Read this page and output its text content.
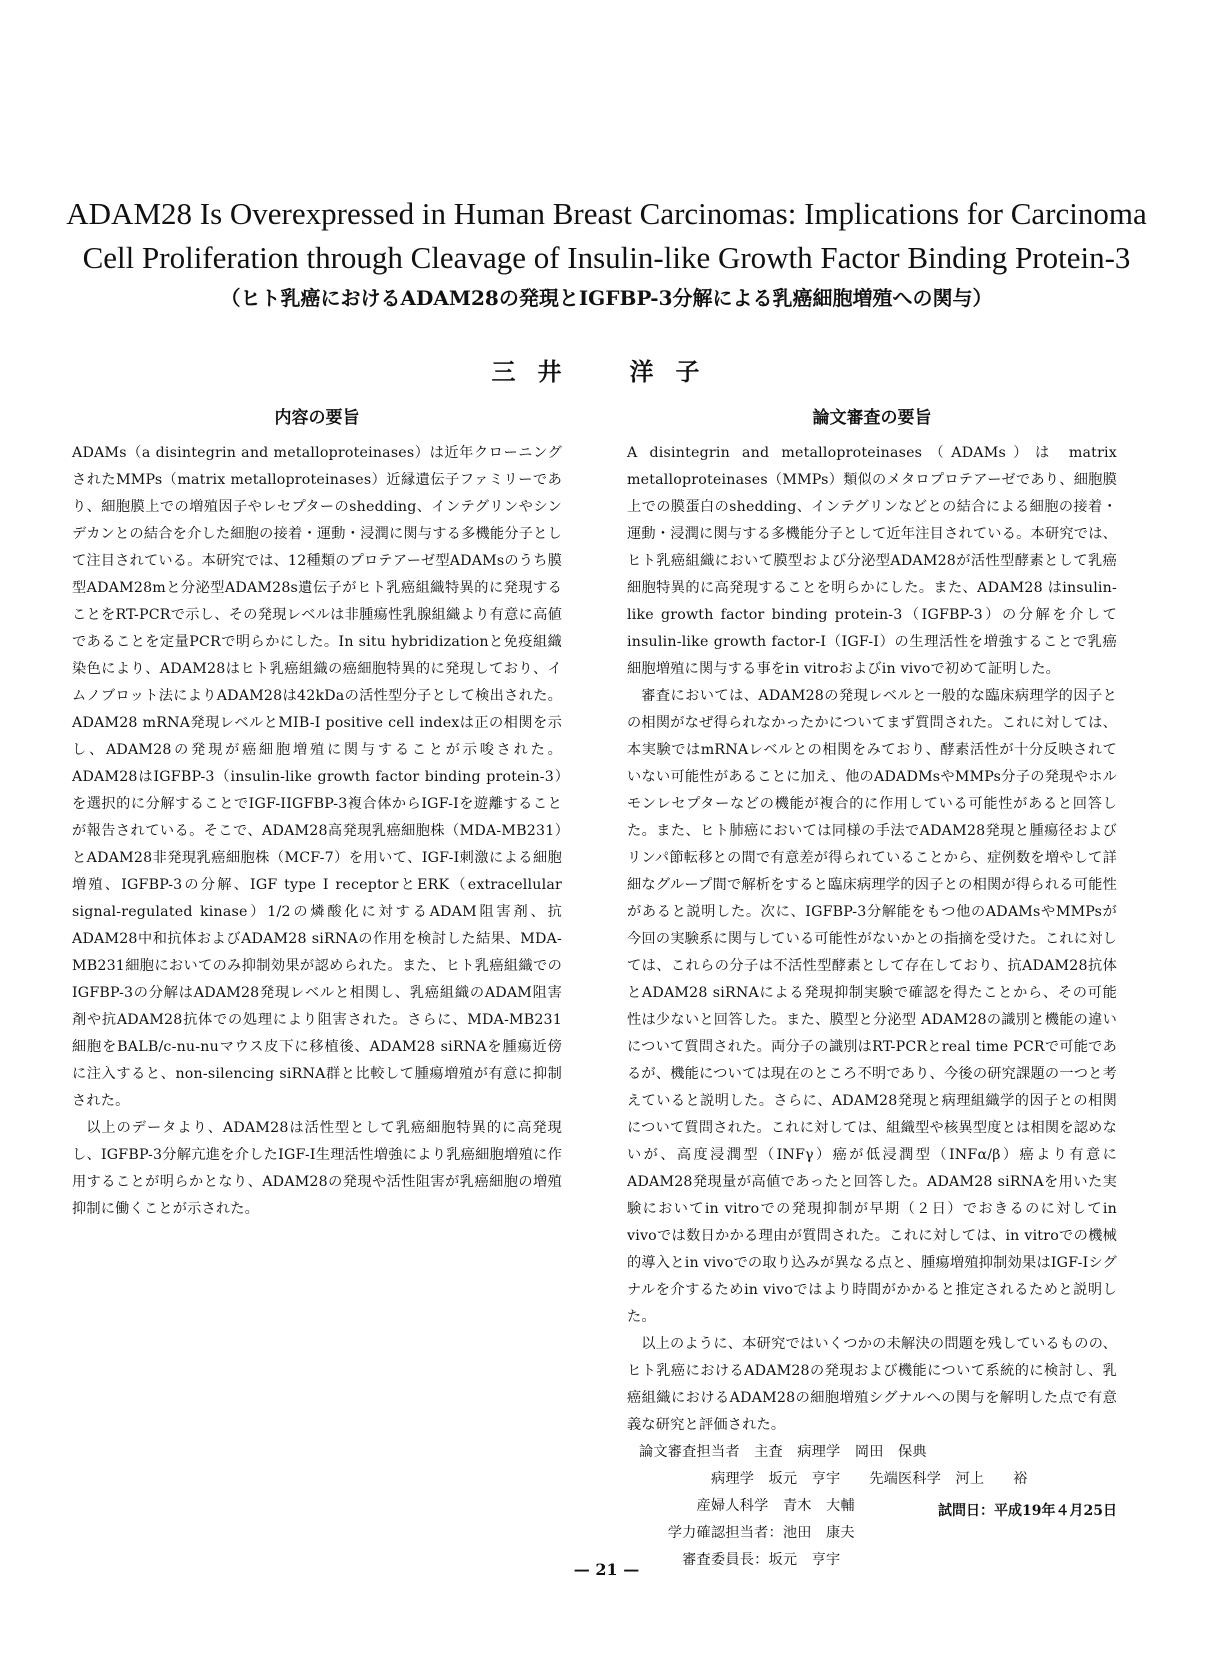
ADAM28 Is Overexpressed in Human Breast Carcinomas: Implications for Carcinoma
Cell Proliferation through Cleavage of Insulin-like Growth Factor Binding Protein-3
（ヒト乳癌におけるADAM28の発現とIGFBP-3分解による乳癌細胞増殖への関与）
三井　洋子
内容の要旨	論文審査の要旨

ADAMs（a disintegrin and metalloproteinases）は近年クローニングされたMMPs（matrix metalloproteinases）近縁遺伝子ファミリーであり、細胞膜上での増殖因子やレセプターのshedding、インテグリンやシンデカンとの結合を介した細胞の接着・運動・浸潤に関与する多機能分子として注目されている。本研究では、12種類のプロテアーゼ型ADAMsのうち膜型ADAM28mと分泌型ADAM28s遺伝子がヒト乳癌組織特異的に発現することをRT-PCRで示し、その発現レベルは非腫瘍性乳腺組織より有意に高値であることを定量PCRで明らかにした。In situ hybridizationと免疫組織染色により、ADAM28はヒト乳癌組織の癌細胞特異的に発現しており、イムノブロット法によりADAM28は42kDaの活性型分子として検出された。ADAM28 mRNA発現レベルとMIB-I positive cell indexは正の相関を示し、ADAM28の発現が癌細胞増殖に関与することが示唆された。ADAM28はIGFBP-3（insulin-like growth factor binding protein-3）を選択的に分解することでIGF-IIGFBP-3複合体からIGF-Iを遊離することが報告されている。そこで、ADAM28高発現乳癌細胞株（MDA-MB231）とADAM28非発現乳癌細胞株（MCF-7）を用いて、IGF-I刺激による細胞増殖、IGFBP-3の分解、IGF type I receptorとERK（extracellular signal-regulated kinase）1/2の燐酸化に対するADAM阻害剤、抗ADAM28中和抗体およびADAM28 siRNAの作用を検討した結果、MDA-MB231細胞においてのみ抑制効果が認められた。また、ヒト乳癌組織でのIGFBP-3の分解はADAM28発現レベルと相関し、乳癌組織のADAM阻害剤や抗ADAM28抗体での処理により阻害された。さらに、MDA-MB231細胞をBALB/c-nu-nuマウス皮下に移植後、ADAM28 siRNAを腫瘍近傍に注入すると、non-silencing siRNA群と比較して腫瘍増殖が有意に抑制された。

以上のデータより、ADAM28は活性型として乳癌細胞特異的に高発現し、IGFBP-3分解亢進を介したIGF-I生理活性増強により乳癌細胞増殖に作用することが明らかとなり、ADAM28の発現や活性阻害が乳癌細胞の増殖抑制に働くことが示された。

A disintegrin and metalloproteinases（ADAMs）は matrix metalloproteinases（MMPs）類似のメタロプロテアーゼであり、細胞膜上での膜蛋白のshedding、インテグリンなどとの結合による細胞の接着・運動・浸潤に関与する多機能分子として近年注目されている。本研究では、ヒト乳癌組織において膜型および分泌型ADAM28が活性型酵素として乳癌細胞特異的に高発現することを明らかにした。また、ADAM28 はinsulin-like growth factor binding protein-3（IGFBP-3）の分解を介してinsulin-like growth factor-I（IGF-I）の生理活性を増強することで乳癌細胞増殖に関与する事をin vitroおよびin vivoで初めて証明した。

審査においては、ADAM28の発現レベルと一般的な臨床病理学的因子との相関がなぜ得られなかったかについてまず質問された。これに対しては、本実験ではmRNAレベルとの相関をみており、酵素活性が十分反映されていない可能性があることに加え、他のADADMsやMMPs分子の発現やホルモンレセプターなどの機能が複合的に作用している可能性があると回答した。また、ヒト肺癌においては同様の手法でADAM28発現と腫瘍径およびリンパ節転移との間で有意差が得られていることから、症例数を増やして詳細なグループ間で解析をすると臨床病理学的因子との相関が得られる可能性があると説明した。次に、IGFBP-3分解能をもつ他のADAMsやMMPsが今回の実験系に関与している可能性がないかとの指摘を受けた。これに対しては、これらの分子は不活性型酵素として存在しており、抗ADAM28抗体とADAM28 siRNAによる発現抑制実験で確認を得たことから、その可能性は少ないと回答した。また、膜型と分泌型 ADAM28の識別と機能の違いについて質問された。両分子の識別はRT-PCRとreal time PCRで可能であるが、機能については現在のところ不明であり、今後の研究課題の一つと考えていると説明した。さらに、ADAM28発現と病理組織学的因子との相関について質問された。これに対しては、組織型や核異型度とは相関を認めないが、高度浸潤型（INFγ）癌が低浸潤型（INFα/β）癌より有意にADAM28発現量が高値であったと回答した。ADAM28 siRNAを用いた実験においてin vitroでの発現抑制が早期（２日）でおきるのに対してin vivoでは数日かかる理由が質問された。これに対しては、in vitroでの機械的導入とin vivoでの取り込みが異なる点と、腫瘍増殖抑制効果はIGF-Iシグナルを介するためin vivoではより時間がかかると推定されるためと説明した。

以上のように、本研究ではいくつかの未解決の問題を残しているものの、ヒト乳癌におけるADAM28の発現および機能について系統的に検討し、乳癌組織におけるADAM28の細胞増殖シグナルへの関与を解明した点で有意義な研究と評価された。

論文審査担当者　主査　病理学　岡田　保典
　　　　　病理学　坂元　亨宇　　先端医科学　河上　　裕
　　　　産婦人科学　青木　大輔
　　学力確認担当者：池田　康夫
　　　審査委員長：坂元　亨宇
試問日：平成19年４月25日
— 21 —
